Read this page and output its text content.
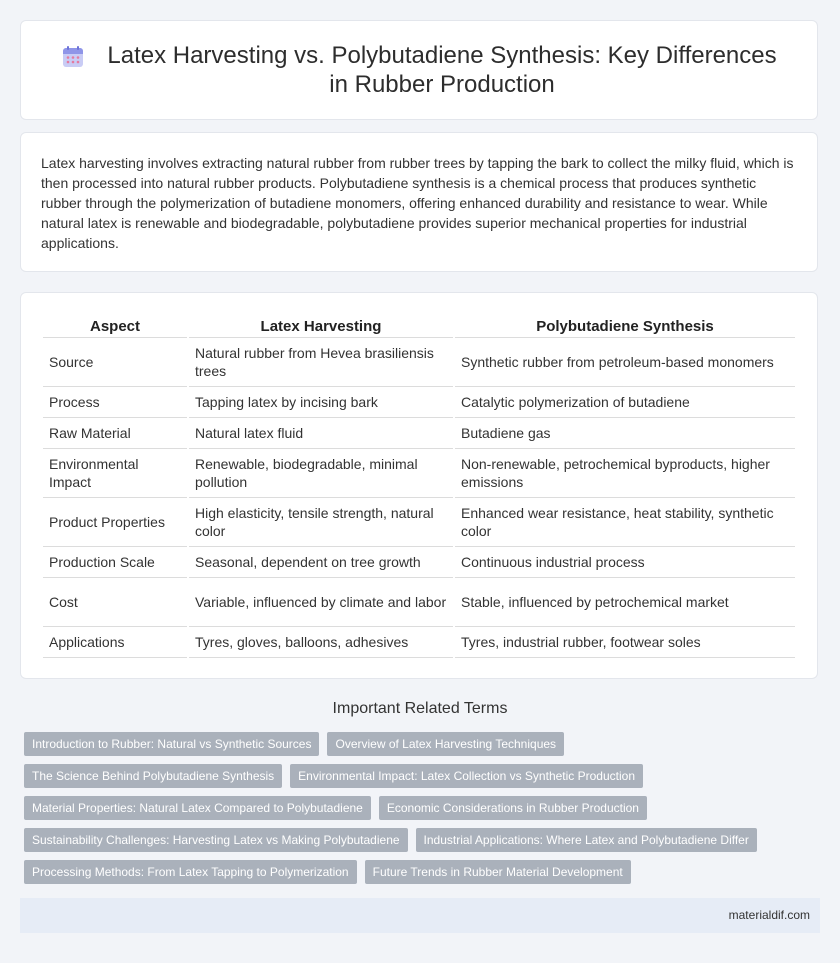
Latex Harvesting vs. Polybutadiene Synthesis: Key Differences in Rubber Production

Latex harvesting involves extracting natural rubber from rubber trees by tapping the bark to collect the milky fluid, which is then processed into natural rubber products. Polybutadiene synthesis is a chemical process that produces synthetic rubber through the polymerization of butadiene monomers, offering enhanced durability and resistance to wear. While natural latex is renewable and biodegradable, polybutadiene provides superior mechanical properties for industrial applications.

Aspect	Latex Harvesting	Polybutadiene Synthesis
Source	Natural rubber from Hevea brasiliensis trees	Synthetic rubber from petroleum-based monomers
Process	Tapping latex by incising bark	Catalytic polymerization of butadiene
Raw Material	Natural latex fluid	Butadiene gas
Environmental Impact	Renewable, biodegradable, minimal pollution	Non-renewable, petrochemical byproducts, higher emissions
Product Properties	High elasticity, tensile strength, natural color	Enhanced wear resistance, heat stability, synthetic color
Production Scale	Seasonal, dependent on tree growth	Continuous industrial process
Cost	Variable, influenced by climate and labor	Stable, influenced by petrochemical market
Applications	Tyres, gloves, balloons, adhesives	Tyres, industrial rubber, footwear soles
Important Related Terms
Introduction to Rubber: Natural vs Synthetic Sources	Overview of Latex Harvesting Techniques
The Science Behind Polybutadiene Synthesis	Environmental Impact: Latex Collection vs Synthetic Production
Material Properties: Natural Latex Compared to Polybutadiene	Economic Considerations in Rubber Production
Sustainability Challenges: Harvesting Latex vs Making Polybutadiene	Industrial Applications: Where Latex and Polybutadiene Differ
Processing Methods: From Latex Tapping to Polymerization	Future Trends in Rubber Material Development
materialdif.com
